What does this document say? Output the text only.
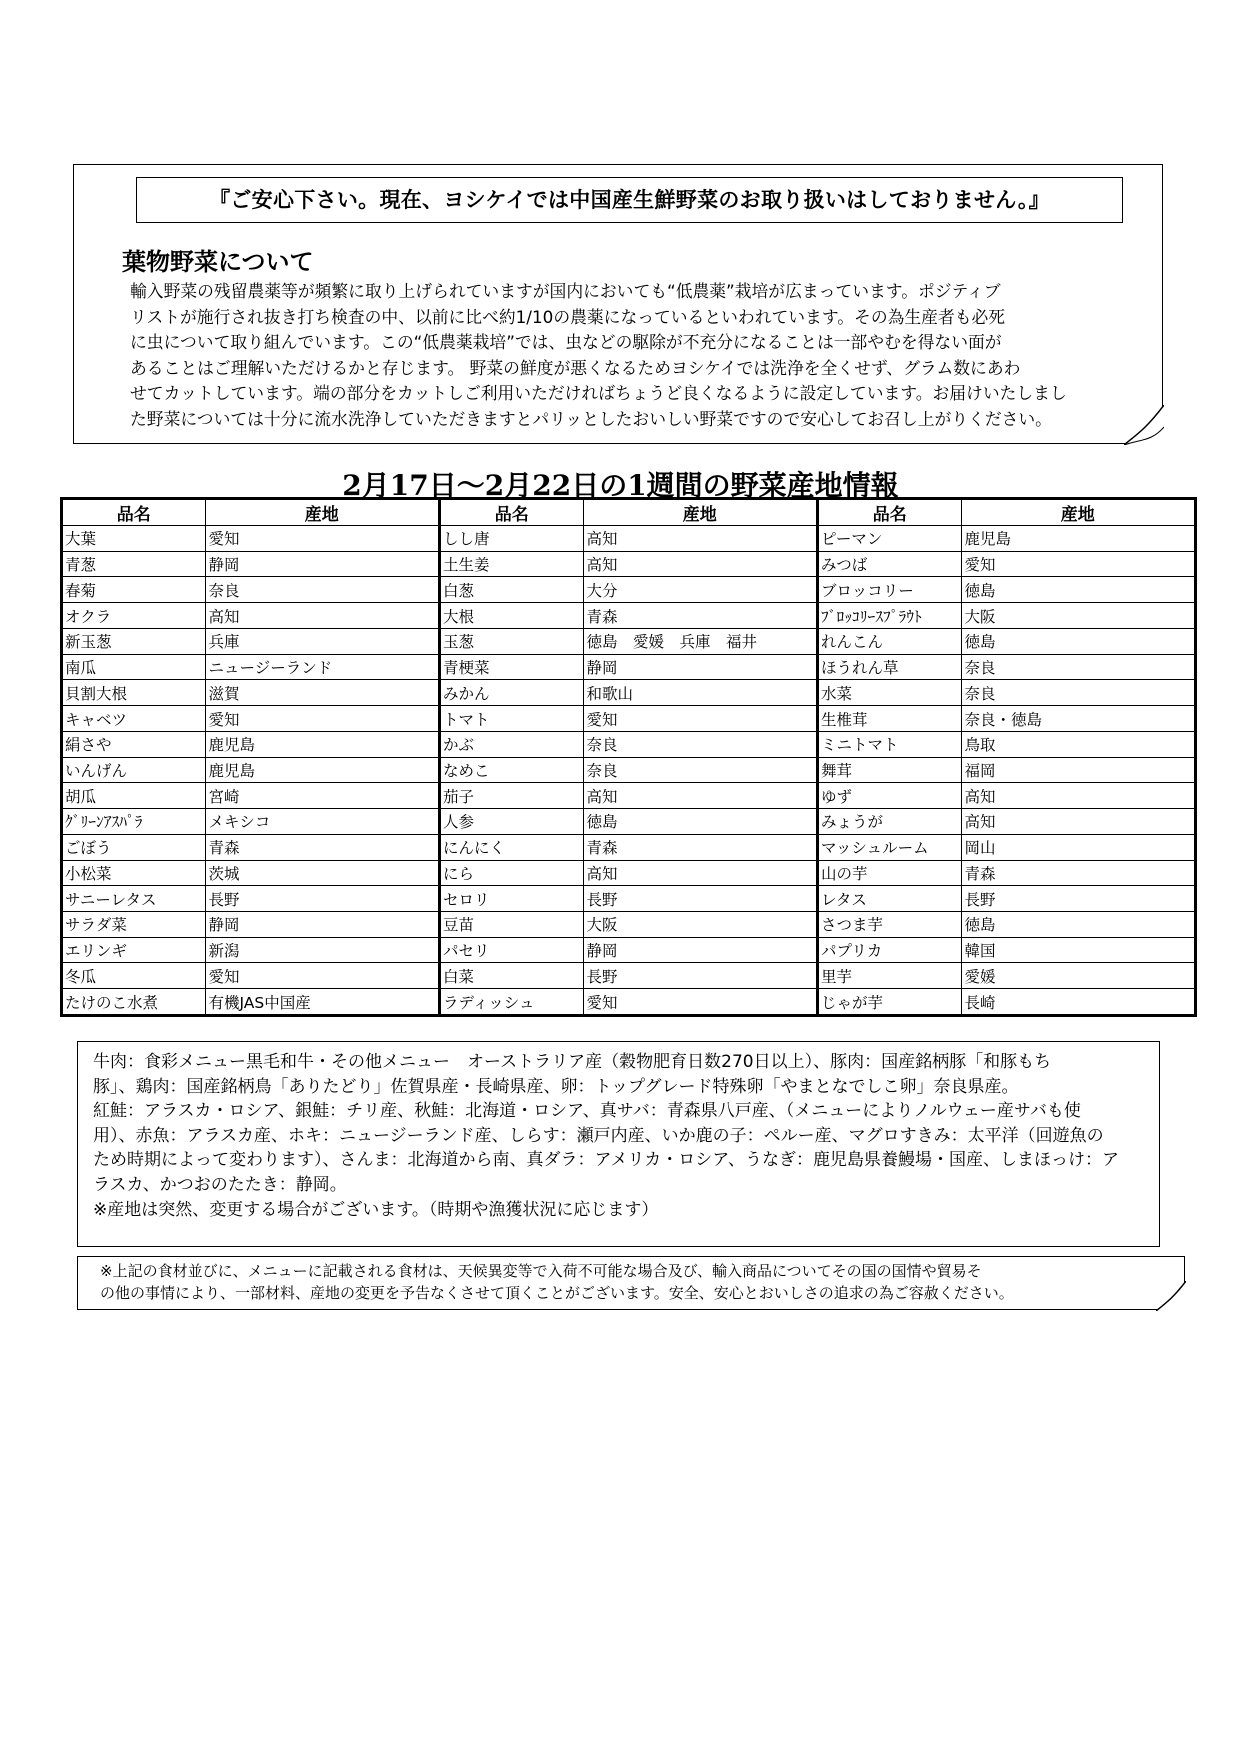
『ご安心下さい。現在、ヨシケイでは中国産生鮮野菜のお取り扱いはしておりません。』
葉物野菜について

輸入野菜の残留農薬等が頻繁に取り上げられていますが国内においても“低農薬”栽培が広まっています。ポジティブ

リストが施行され抜き打ち検査の中、以前に比べ約1/10の農薬になっているといわれています。その為生産者も必死

に虫について取り組んでいます。この“低農薬栽培”では、虫などの駆除が不充分になることは一部やむを得ない面が

あることはご理解いただけるかと存じます。 野菜の鮮度が悪くなるためヨシケイでは洗浄を全くせず、グラム数にあわ

せてカットしています。端の部分をカットしご利用いただければちょうど良くなるように設定しています。お届けいたしまし

た野菜については十分に流水洗浄していただきますとパリッとしたおいしい野菜ですので安心してお召し上がりください。

2月17日～2月22日の1週間の野菜産地情報
品名	産地
大葉	愛知
青葱	静岡
春菊	奈良
オクラ	高知
新玉葱	兵庫
南瓜	ニュージーランド
貝割大根	滋賀
キャベツ	愛知
絹さや	鹿児島
いんげん	鹿児島
胡瓜	宮崎
ｸﾞﾘｰﾝｱｽﾊﾟﾗ	メキシコ
ごぼう	青森
小松菜	茨城
サニーレタス	長野
サラダ菜	静岡
エリンギ	新潟
冬瓜	愛知
たけのこ水煮	有機JAS中国産
品名	産地
しし唐	高知
土生姜	高知
白葱	大分
大根	青森
玉葱	徳島　愛媛　兵庫　福井
青梗菜	静岡
みかん	和歌山
トマト	愛知
かぶ	奈良
なめこ	奈良
茄子	高知
人参	徳島
にんにく	青森
にら	高知
セロリ	長野
豆苗	大阪
パセリ	静岡
白菜	長野
ラディッシュ	愛知
品名	産地
ピーマン	鹿児島
みつば	愛知
ブロッコリー	徳島
ﾌﾞﾛｯｺﾘｰｽﾌﾟﾗｳﾄ	大阪
れんこん	徳島
ほうれん草	奈良
水菜	奈良
生椎茸	奈良・徳島
ミニトマト	鳥取
舞茸	福岡
ゆず	高知
みょうが	高知
マッシュルーム	岡山
山の芋	青森
レタス	長野
さつま芋	徳島
パプリカ	韓国
里芋	愛媛
じゃが芋	長崎

牛肉：食彩メニュー黒毛和牛・その他メニュー　オーストラリア産（穀物肥育日数270日以上）、豚肉：国産銘柄豚「和豚もち

豚」、鶏肉：国産銘柄鳥「ありたどり」佐賀県産・長崎県産、卵：トップグレード特殊卵「やまとなでしこ卵」奈良県産。

紅鮭：アラスカ・ロシア、銀鮭：チリ産、秋鮭：北海道・ロシア、真サバ：青森県八戸産、（メニューによりノルウェー産サバも使

用）、赤魚：アラスカ産、ホキ：ニュージーランド産、しらす：瀬戸内産、いか鹿の子：ペルー産、マグロすきみ：太平洋（回遊魚の

ため時期によって変わります）、さんま：北海道から南、真ダラ：アメリカ・ロシア、うなぎ：鹿児島県養鰻場・国産、しまほっけ：ア

ラスカ、かつおのたたき：静岡。

※産地は突然、変更する場合がございます。（時期や漁獲状況に応じます）

※上記の食材並びに、メニューに記載される食材は、天候異変等で入荷不可能な場合及び、輸入商品についてその国の国情や貿易そ

の他の事情により、一部材料、産地の変更を予告なくさせて頂くことがございます。安全、安心とおいしさの追求の為ご容赦ください。
